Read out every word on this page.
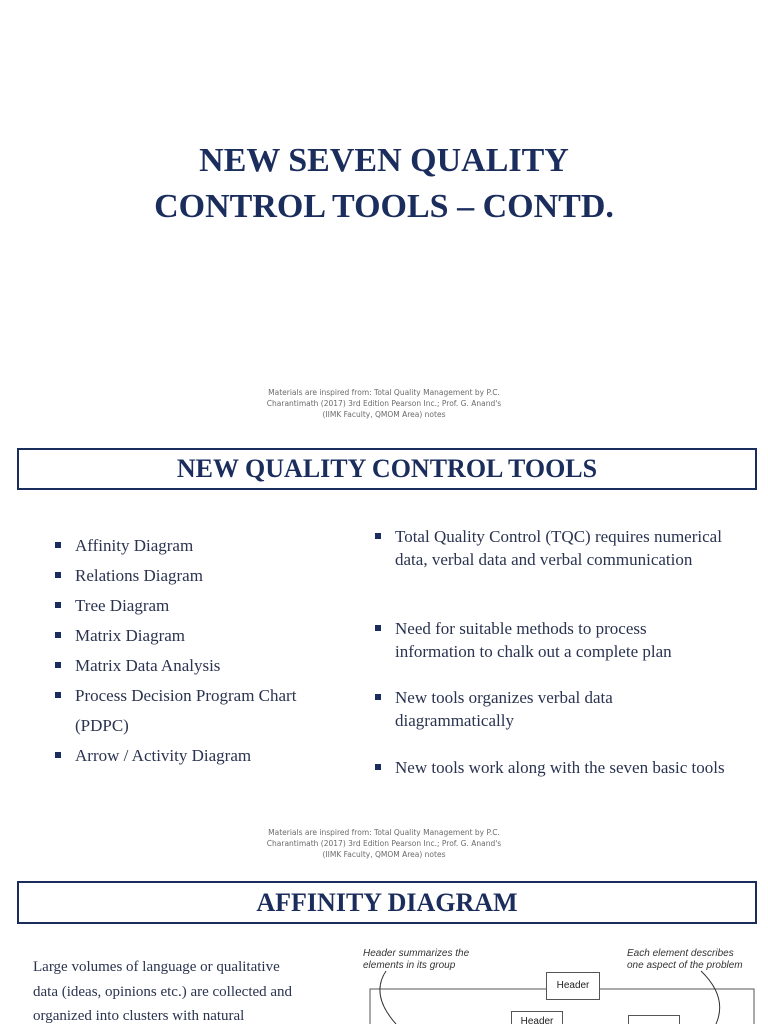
NEW SEVEN QUALITY
CONTROL TOOLS – CONTD.
Materials are inspired from: Total Quality Management by P.C.
Charantimath (2017) 3rd Edition Pearson Inc.; Prof. G. Anand's
(IIMK Faculty, QMOM Area) notes
NEW QUALITY CONTROL TOOLS
Affinity Diagram
Relations Diagram
Tree Diagram
Matrix Diagram
Matrix Data Analysis
Process Decision Program Chart
(PDPC)
Arrow / Activity Diagram
Total Quality Control (TQC) requires numerical data, verbal data and verbal communication
Need for suitable methods to process information to chalk out a complete plan
New tools organizes verbal data diagrammatically
New tools work along with the seven basic tools
Materials are inspired from: Total Quality Management by P.C.
Charantimath (2017) 3rd Edition Pearson Inc.; Prof. G. Anand's
(IIMK Faculty, QMOM Area) notes
AFFINITY DIAGRAM
Large volumes of language or qualitative
data (ideas, opinions etc.) are collected and
organized into clusters with natural
Header summarizes the
elements in its group
Each element describes
one aspect of the problem
Header
Header
